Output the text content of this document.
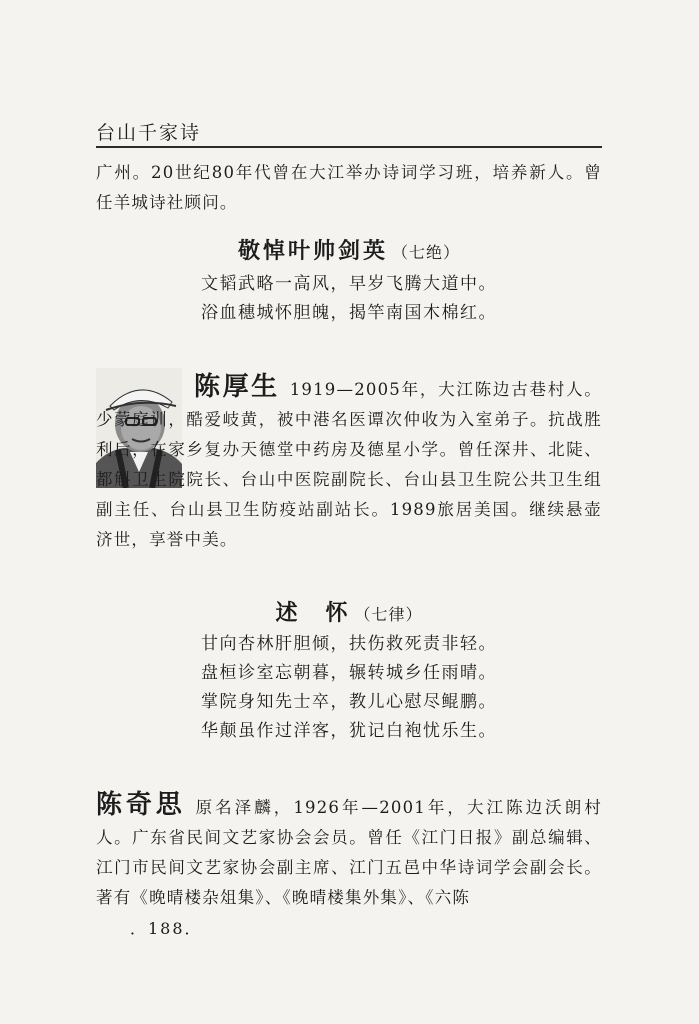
台山千家诗
广州。20世纪80年代曾在大江举办诗词学习班，培养新人。曾任羊城诗社顾问。
敬悼叶帅剑英 （七绝）
文韬武略一高风，早岁飞腾大道中。
浴血穗城怀胆魄，揭竿南国木棉红。
陈厚生 1919—2005年，大江陈边古巷村人。少蒙庭训，酷爱岐黄，被中港名医谭次仲收为入室弟子。抗战胜利后，在家乡复办天德堂中药房及德星小学。曾任深井、北陡、都斛卫生院院长、台山中医院副院长、台山县卫生院公共卫生组副主任、台山县卫生防疫站副站长。1989旅居美国。继续悬壶济世，享誉中美。
述　怀 （七律）
甘向杏林肝胆倾，扶伤救死责非轻。
盘桓诊室忘朝暮，辗转城乡任雨晴。
掌院身知先士卒，教儿心慰尽鲲鹏。
华颠虽作过洋客，犹记白袍忧乐生。
陈奇思 原名泽麟，1926年—2001年，大江陈边沃朗村人。广东省民间文艺家协会会员。曾任《江门日报》副总编辑、江门市民间文艺家协会副主席、江门五邑中华诗词学会副会长。著有《晚晴楼杂俎集》、《晚晴楼集外集》、《六陈
．188．
